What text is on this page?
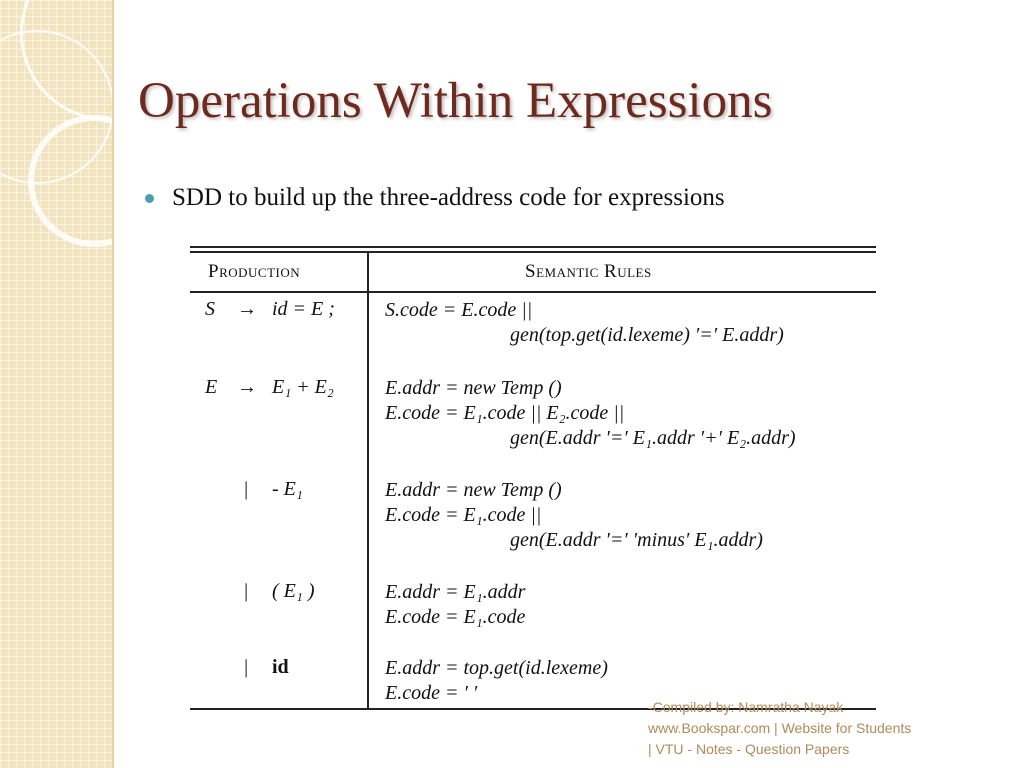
Operations Within Expressions
SDD to build up the three-address code for expressions
Production	Semantic Rules
S → id = E ;	S.code = E.code ||
gen(top.get(id.lexeme) ′=′ E.addr)
E → E₁ + E₂	E.addr = new Temp ()
E.code = E₁.code || E₂.code ||
gen(E.addr ′=′ E₁.addr ′+′ E₂.addr)
| - E₁	E.addr = new Temp ()
E.code = E₁.code ||
gen(E.addr ′=′ ′minus′ E₁.addr)
| ( E₁ )	E.addr = E₁.addr
E.code = E₁.code
| id	E.addr = top.get(id.lexeme)
E.code = ′ ′
-Compiled by: Namratha Nayak
www.Bookspar.com | Website for Students
| VTU - Notes - Question Papers
